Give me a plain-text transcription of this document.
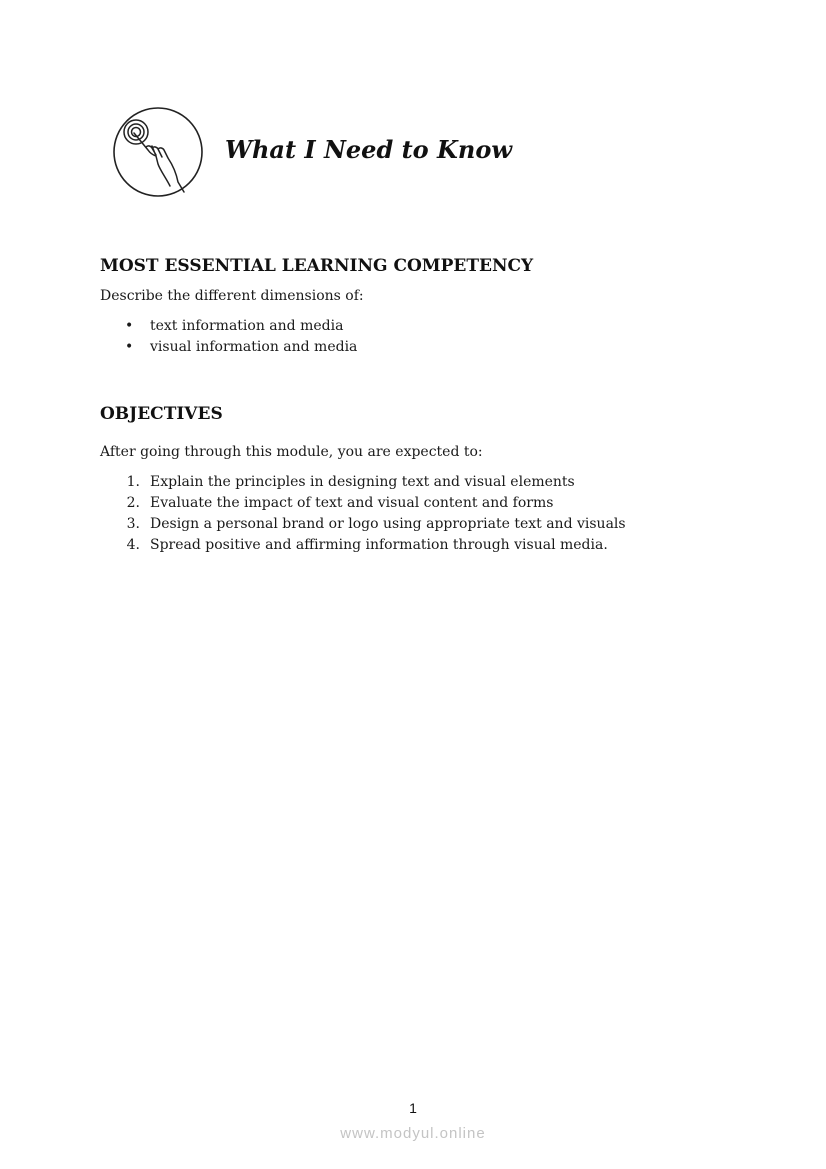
What I Need to Know
MOST ESSENTIAL LEARNING COMPETENCY
Describe the different dimensions of:
• text information and media
• visual information and media
OBJECTIVES
After going through this module, you are expected to:
1. Explain the principles in designing text and visual elements
2. Evaluate the impact of text and visual content and forms
3. Design a personal brand or logo using appropriate text and visuals
4. Spread positive and affirming information through visual media.
1
www.modyul.online
